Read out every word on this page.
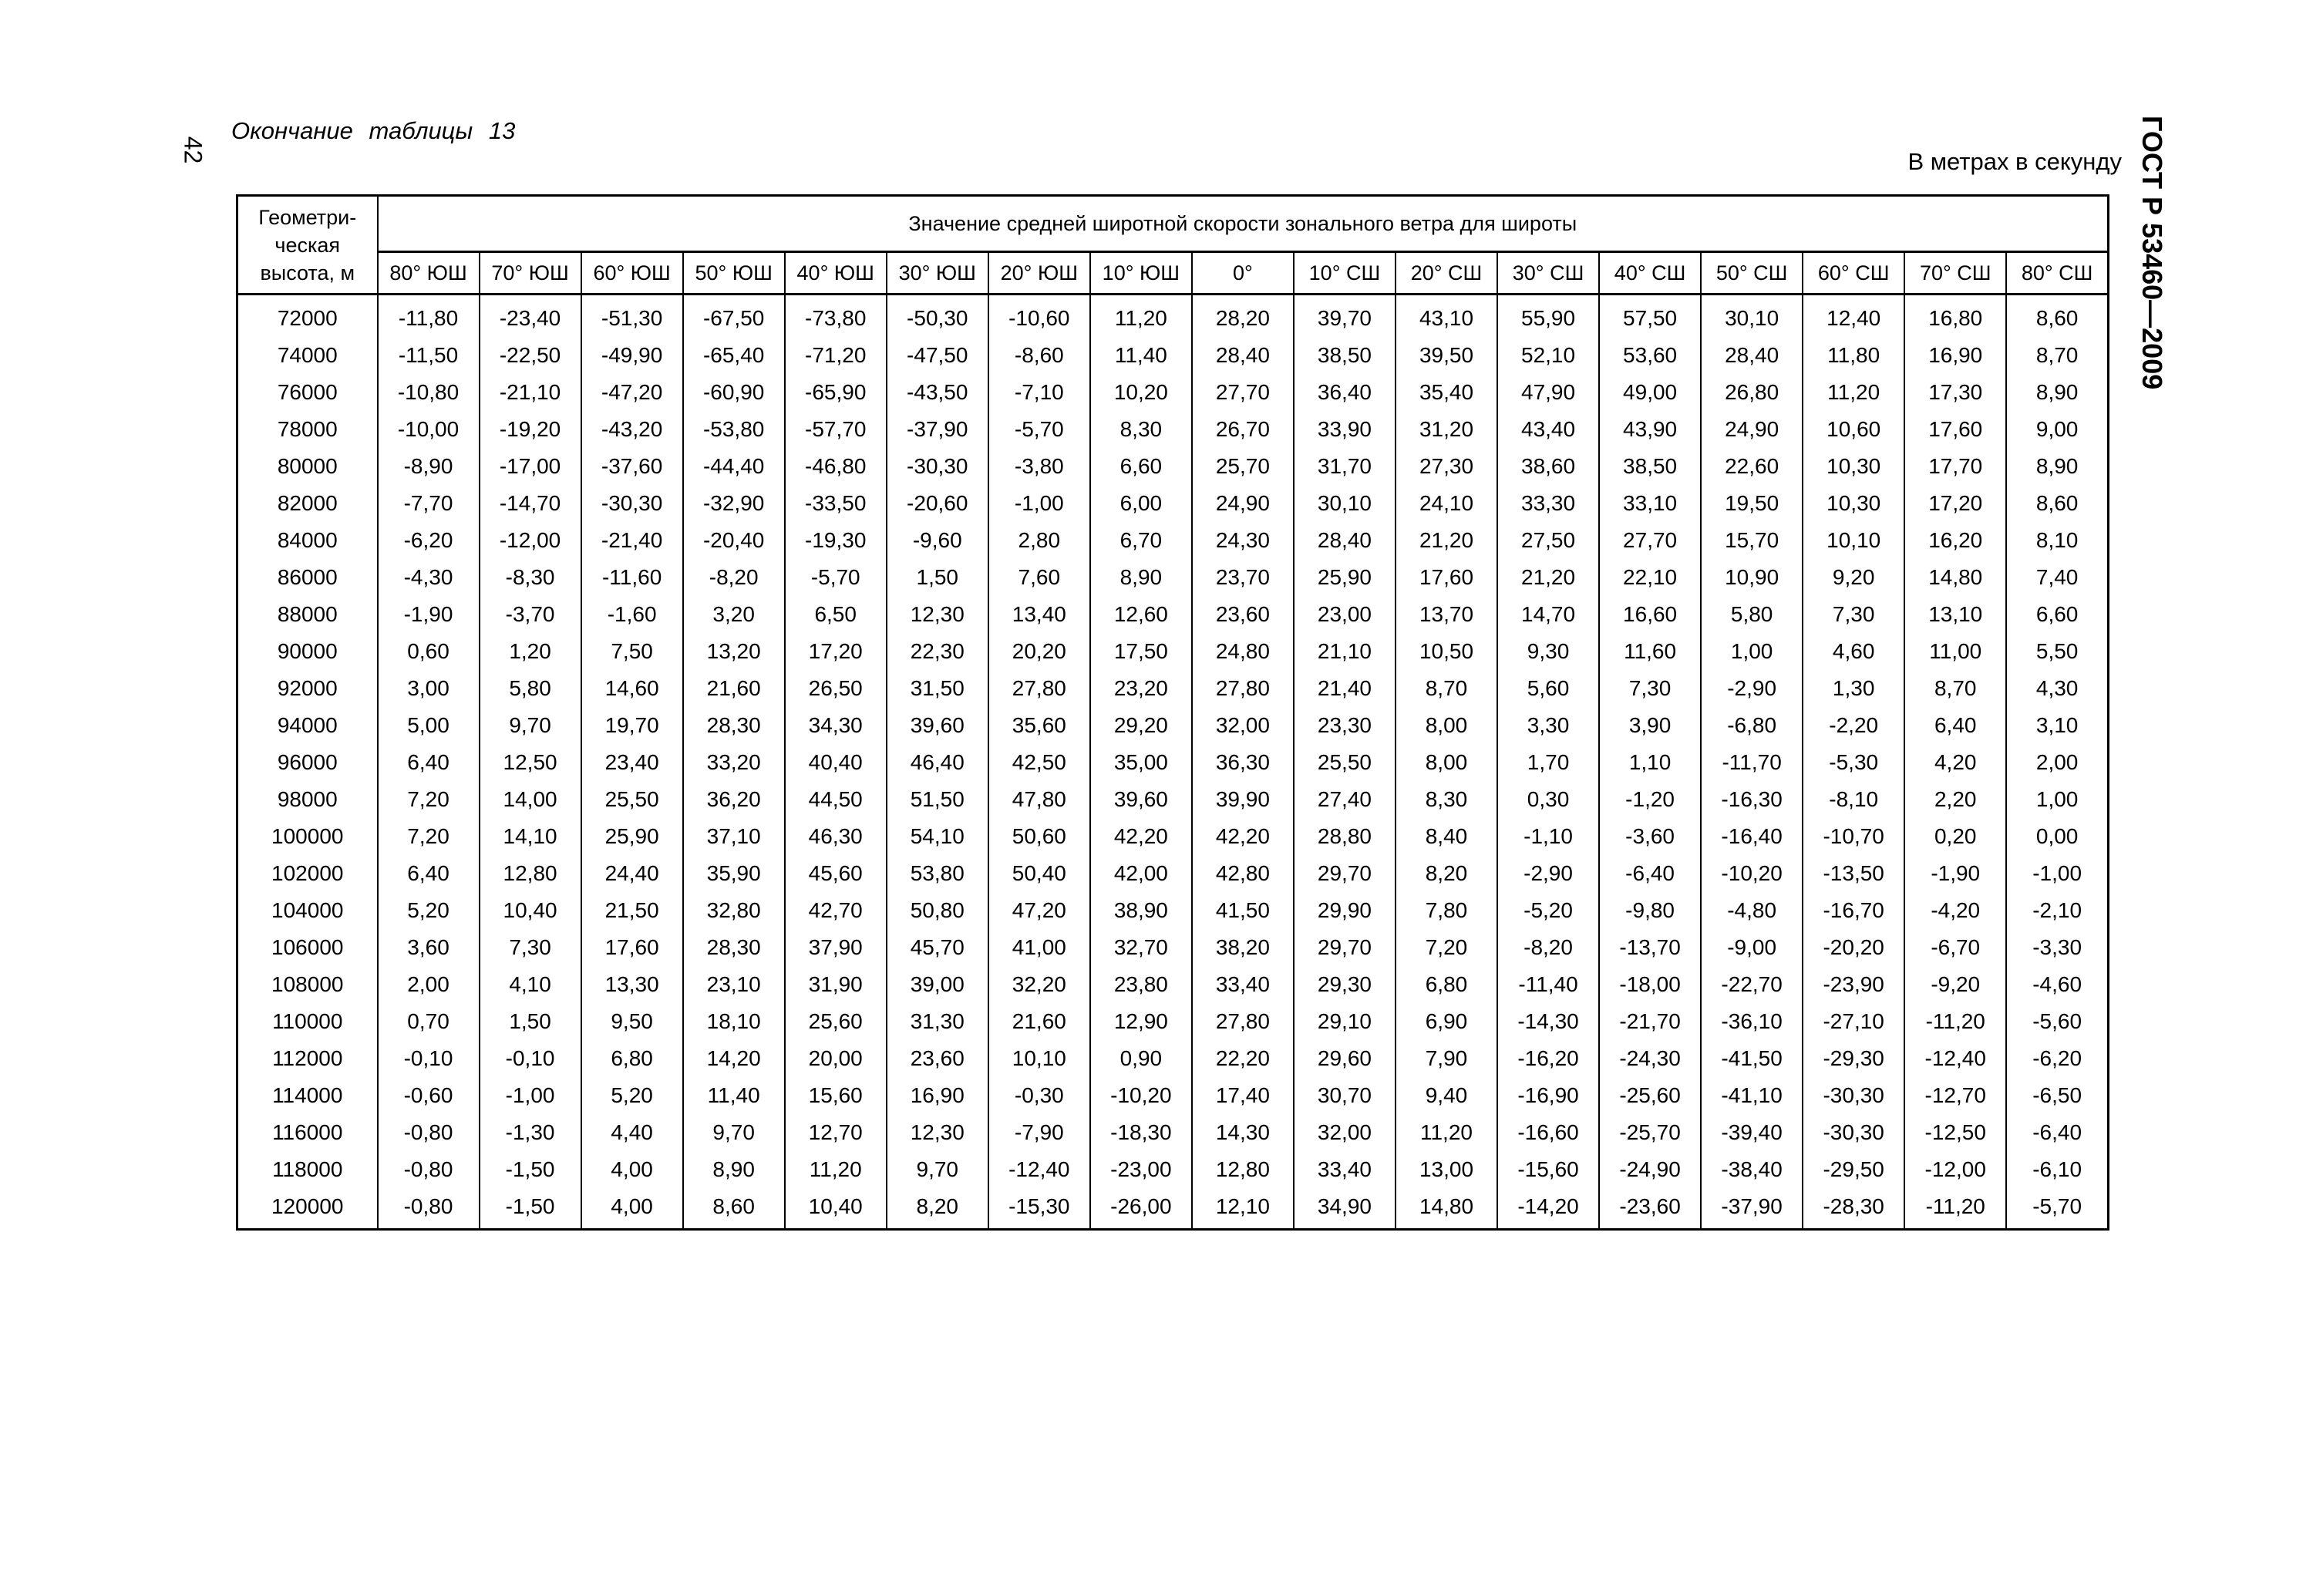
42
Окончание таблицы 13
В метрах в секунду ГОСТ Р 53460—2009
Геометри-ческая высота, м	Значение средней широтной скорости зонального ветра для широты																
	80° ЮШ	70° ЮШ	60° ЮШ	50° ЮШ	40° ЮШ	30° ЮШ	20° ЮШ	10° ЮШ	0°	10° СШ	20° СШ	30° СШ	40° СШ	50° СШ	60° СШ	70° СШ	80° СШ
72000	-11,80	-23,40	-51,30	-67,50	-73,80	-50,30	-10,60	11,20	28,20	39,70	43,10	55,90	57,50	30,10	12,40	16,80	8,60
74000	-11,50	-22,50	-49,90	-65,40	-71,20	-47,50	-8,60	11,40	28,40	38,50	39,50	52,10	53,60	28,40	11,80	16,90	8,70
76000	-10,80	-21,10	-47,20	-60,90	-65,90	-43,50	-7,10	10,20	27,70	36,40	35,40	47,90	49,00	26,80	11,20	17,30	8,90
78000	-10,00	-19,20	-43,20	-53,80	-57,70	-37,90	-5,70	8,30	26,70	33,90	31,20	43,40	43,90	24,90	10,60	17,60	9,00
80000	-8,90	-17,00	-37,60	-44,40	-46,80	-30,30	-3,80	6,60	25,70	31,70	27,30	38,60	38,50	22,60	10,30	17,70	8,90
82000	-7,70	-14,70	-30,30	-32,90	-33,50	-20,60	-1,00	6,00	24,90	30,10	24,10	33,30	33,10	19,50	10,30	17,20	8,60
84000	-6,20	-12,00	-21,40	-20,40	-19,30	-9,60	2,80	6,70	24,30	28,40	21,20	27,50	27,70	15,70	10,10	16,20	8,10
86000	-4,30	-8,30	-11,60	-8,20	-5,70	1,50	7,60	8,90	23,70	25,90	17,60	21,20	22,10	10,90	9,20	14,80	7,40
88000	-1,90	-3,70	-1,60	3,20	6,50	12,30	13,40	12,60	23,60	23,00	13,70	14,70	16,60	5,80	7,30	13,10	6,60
90000	0,60	1,20	7,50	13,20	17,20	22,30	20,20	17,50	24,80	21,10	10,50	9,30	11,60	1,00	4,60	11,00	5,50
92000	3,00	5,80	14,60	21,60	26,50	31,50	27,80	23,20	27,80	21,40	8,70	5,60	7,30	-2,90	1,30	8,70	4,30
94000	5,00	9,70	19,70	28,30	34,30	39,60	35,60	29,20	32,00	23,30	8,00	3,30	3,90	-6,80	-2,20	6,40	3,10
96000	6,40	12,50	23,40	33,20	40,40	46,40	42,50	35,00	36,30	25,50	8,00	1,70	1,10	-11,70	-5,30	4,20	2,00
98000	7,20	14,00	25,50	36,20	44,50	51,50	47,80	39,60	39,90	27,40	8,30	0,30	-1,20	-16,30	-8,10	2,20	1,00
100000	7,20	14,10	25,90	37,10	46,30	54,10	50,60	42,20	42,20	28,80	8,40	-1,10	-3,60	-16,40	-10,70	0,20	0,00
102000	6,40	12,80	24,40	35,90	45,60	53,80	50,40	42,00	42,80	29,70	8,20	-2,90	-6,40	-10,20	-13,50	-1,90	-1,00
104000	5,20	10,40	21,50	32,80	42,70	50,80	47,20	38,90	41,50	29,90	7,80	-5,20	-9,80	-4,80	-16,70	-4,20	-2,10
106000	3,60	7,30	17,60	28,30	37,90	45,70	41,00	32,70	38,20	29,70	7,20	-8,20	-13,70	-9,00	-20,20	-6,70	-3,30
108000	2,00	4,10	13,30	23,10	31,90	39,00	32,20	23,80	33,40	29,30	6,80	-11,40	-18,00	-22,70	-23,90	-9,20	-4,60
110000	0,70	1,50	9,50	18,10	25,60	31,30	21,60	12,90	27,80	29,10	6,90	-14,30	-21,70	-36,10	-27,10	-11,20	-5,60
112000	-0,10	-0,10	6,80	14,20	20,00	23,60	10,10	0,90	22,20	29,60	7,90	-16,20	-24,30	-41,50	-29,30	-12,40	-6,20
114000	-0,60	-1,00	5,20	11,40	15,60	16,90	-0,30	-10,20	17,40	30,70	9,40	-16,90	-25,60	-41,10	-30,30	-12,70	-6,50
116000	-0,80	-1,30	4,40	9,70	12,70	12,30	-7,90	-18,30	14,30	32,00	11,20	-16,60	-25,70	-39,40	-30,30	-12,50	-6,40
118000	-0,80	-1,50	4,00	8,90	11,20	9,70	-12,40	-23,00	12,80	33,40	13,00	-15,60	-24,90	-38,40	-29,50	-12,00	-6,10
120000	-0,80	-1,50	4,00	8,60	10,40	8,20	-15,30	-26,00	12,10	34,90	14,80	-14,20	-23,60	-37,90	-28,30	-11,20	-5,70
